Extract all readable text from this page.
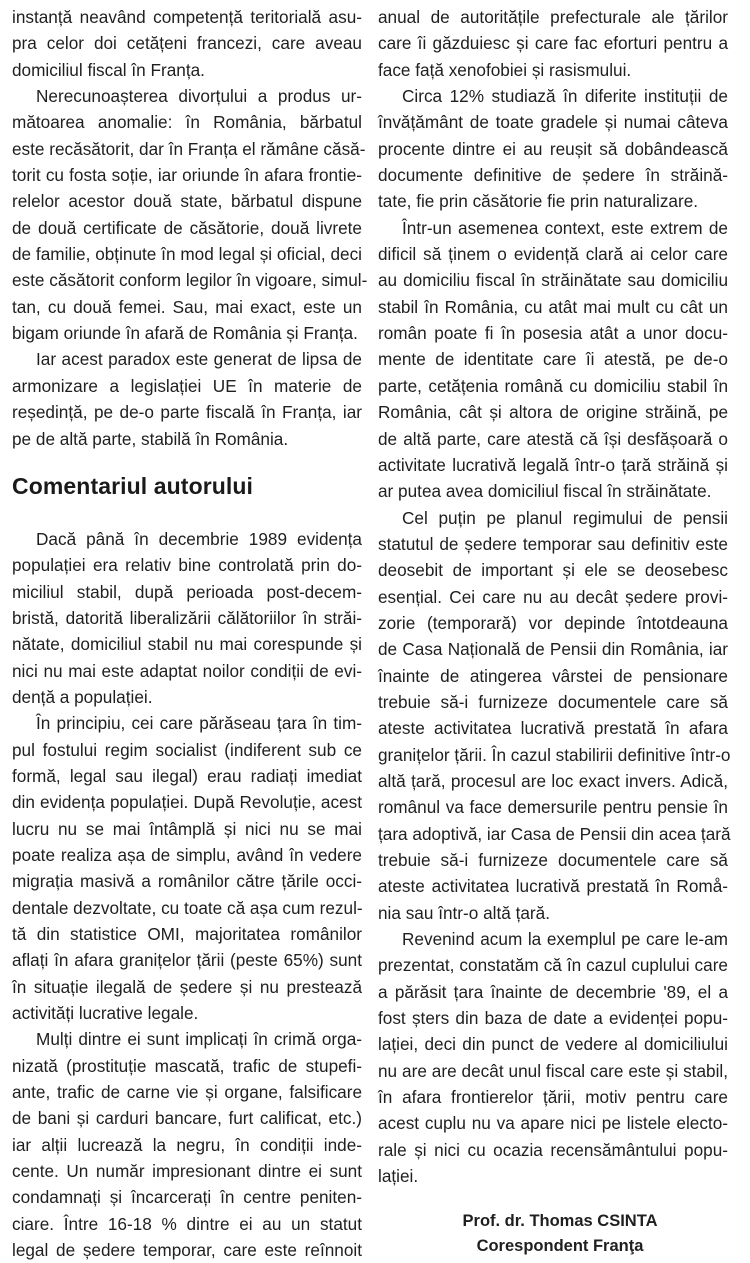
instanță neavând competență teritorială asu-
pra celor doi cetățeni francezi, care aveau
domiciliul fiscal în Franța.

Nerecunoașterea divorțului a produs ur-
mătoarea anomalie: în România, bărbatul
este recăsătorit, dar în Franța el rămâne căsă-
torit cu fosta soție, iar oriunde în afara frontie-
relelor acestor două state, bărbatul dispune
de două certificate de căsătorie, două livrete
de familie, obținute în mod legal și oficial, deci
este căsătorit conform legilor în vigoare, simul-
tan, cu două femei. Sau, mai exact, este un
bigam oriunde în afară de România și Franța.

Iar acest paradox este generat de lipsa de
armonizare a legislației UE în materie de
reședință, pe de-o parte fiscală în Franța, iar
pe de altă parte, stabilă în România.

Comentariul autorului

Dacă până în decembrie 1989 evidența
populației era relativ bine controlată prin do-
miciliul stabil, după perioada post-decem-
bristă, datorită liberalizării călătoriilor în străi-
nătate, domiciliul stabil nu mai corespunde și
nici nu mai este adaptat noilor condiții de evi-
dență a populației.

În principiu, cei care părăseau țara în tim-
pul fostului regim socialist (indiferent sub ce
formă, legal sau ilegal) erau radiați imediat
din evidența populației. După Revoluție, acest
lucru nu se mai întâmplă și nici nu se mai
poate realiza așa de simplu, având în vedere
migrația masivă a românilor către țările occi-
dentale dezvoltate, cu toate că așa cum rezul-
tă din statistice OMI, majoritatea românilor
aflați în afara granițelor țării (peste 65%) sunt
în situație ilegală de ședere și nu prestează
activități lucrative legale.

Mulți dintre ei sunt implicați în crimă orga-
nizată (prostituție mascată, trafic de stupefi-
ante, trafic de carne vie și organe, falsificare
de bani și carduri bancare, furt calificat, etc.)
iar alții lucrează la negru, în condiții inde-
cente. Un număr impresionant dintre ei sunt
condamnați și încarcerați în centre peniten-
ciare. Între 16-18 % dintre ei au un statut
legal de ședere temporar, care este reînnoit

anual de autoritățile prefecturale ale țărilor
care îi găzduiesc și care fac eforturi pentru a
face față xenofobiei și rasismului.

Circa 12% studiază în diferite instituții de
învățământ de toate gradele și numai câteva
procente dintre ei au reușit să dobândească
documente definitive de ședere în străină-
tate, fie prin căsătorie fie prin naturalizare.

Într-un asemenea context, este extrem de
dificil să ținem o evidență clară ai celor care
au domiciliu fiscal în străinătate sau domiciliu
stabil în România, cu atât mai mult cu cât un
român poate fi în posesia atât a unor docu-
mente de identitate care îi atestă, pe de-o
parte, cetățenia română cu domiciliu stabil în
România, cât și altora de origine străină, pe
de altă parte, care atestă că își desfășoară o
activitate lucrativă legală într-o țară străină și
ar putea avea domiciliul fiscal în străinătate.

Cel puțin pe planul regimului de pensii
statutul de ședere temporar sau definitiv este
deosebit de important și ele se deosebesc
esențial. Cei care nu au decât ședere provi-
zorie (temporară) vor depinde întotdeauna
de Casa Națională de Pensii din România, iar
înainte de atingerea vârstei de pensionare
trebuie să-i furnizeze documentele care să
ateste activitatea lucrativă prestată în afara
granițelor țării. În cazul stabilirii definitive într-o
altă țară, procesul are loc exact invers. Adică,
românul va face demersurile pentru pensie în
țara adoptivă, iar Casa de Pensii din acea țară
trebuie să-i furnizeze documentele care să
ateste activitatea lucrativă prestată în Romå-
nia sau într-o altă țară.

Revenind acum la exemplul pe care le-am
prezentat, constatăm că în cazul cuplului care
a părăsit țara înainte de decembrie '89, el a
fost șters din baza de date a evidenței popu-
lației, deci din punct de vedere al domiciliului
nu are are decât unul fiscal care este și stabil,
în afara frontierelor țării, motiv pentru care
acest cuplu nu va apare nici pe listele electo-
rale și nici cu ocazia recensământului popu-
lației.

Prof. dr. Thomas CSINTA
Corespondent Franţa
